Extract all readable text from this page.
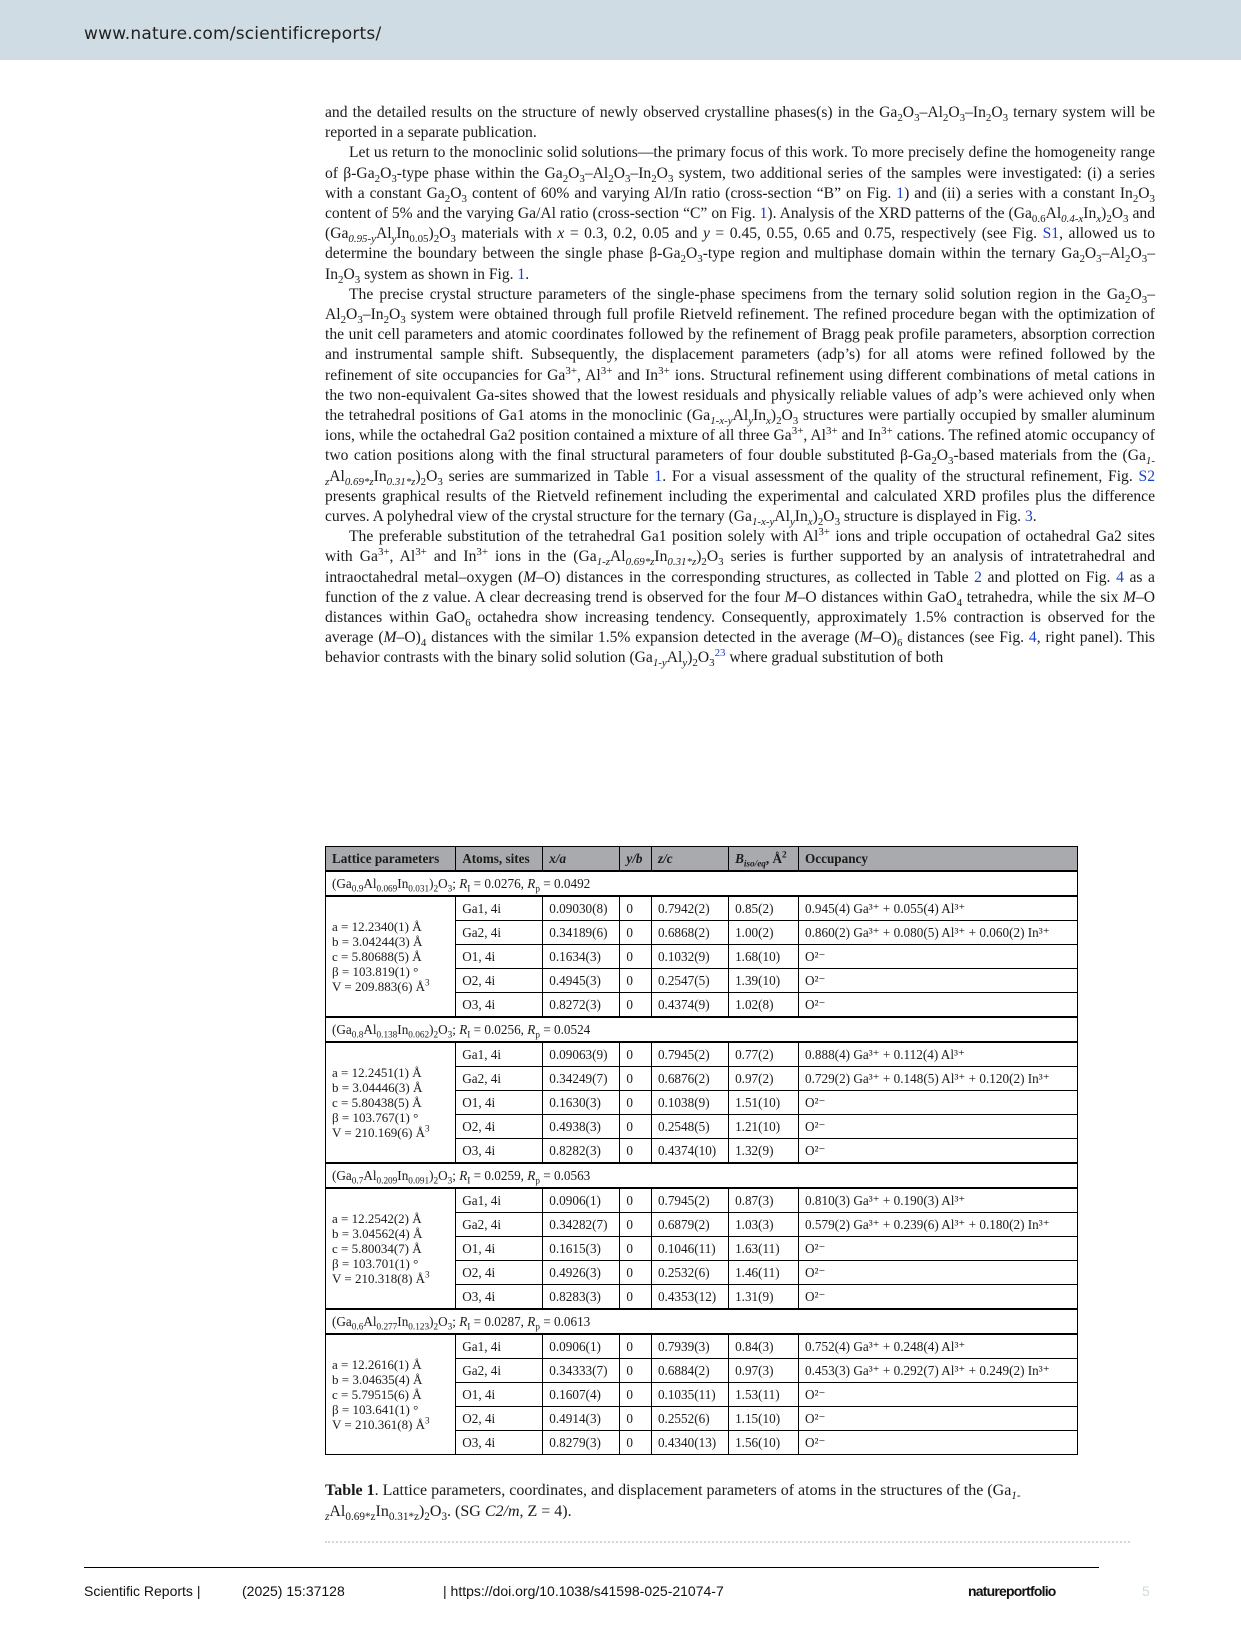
www.nature.com/scientificreports/

and the detailed results on the structure of newly observed crystalline phases(s) in the $Ga_2O_3-Al_2O_3-In_2O_3$ ternary system will be reported in a separate publication.

Let us return to the monoclinic solid solutions—the primary focus of this work. To more precisely define the homogeneity range of $\beta-Ga_2O_3$-type phase within the $Ga_2O_3-Al_2O_3-In_2O_3$ system, two additional series of the samples were investigated: (i) a series with a constant $Ga_2O_3$ content of 60% and varying Al/In ratio (cross-section “B” on Fig. 1) and (ii) a series with a constant $In_2O_3$ content of 5% and the varying Ga/Al ratio (cross-section “C” on Fig. 1). Analysis of the XRD patterns of the $(Ga_{0.6}Al_{0.4-x}In_x)_2O_3$ and $(Ga_{0.95-y}Al_yIn_{0.05})_2O_3$ materials with x = 0.3, 0.2, 0.05 and y = 0.45, 0.55, 0.65 and 0.75, respectively (see Fig. S1, allowed us to determine the boundary between the single phase $\beta-Ga_2O_3$-type region and multiphase domain within the ternary $Ga_2O_3-Al_2O_3-In_2O_3$ system as shown in Fig. 1.

The precise crystal structure parameters of the single-phase specimens from the ternary solid solution region in the $Ga_2O_3-Al_2O_3-In_2O_3$ system were obtained through full profile Rietveld refinement. The refined procedure began with the optimization of the unit cell parameters and atomic coordinates followed by the refinement of Bragg peak profile parameters, absorption correction and instrumental sample shift. Subsequently, the displacement parameters (adp’s) for all atoms were refined followed by the refinement of site occupancies for $Ga^{3+}$, $Al^{3+}$ and $In^{3+}$ ions. Structural refinement using different combinations of metal cations in the two non-equivalent Ga-sites showed that the lowest residuals and physically reliable values of adp’s were achieved only when the tetrahedral positions of Ga1 atoms in the monoclinic $(Ga_{1-x-y}Al_yIn_x)_2O_3$ structures were partially occupied by smaller aluminum ions, while the octahedral Ga2 position contained a mixture of all three $Ga^{3+}$, $Al^{3+}$ and $In^{3+}$ cations. The refined atomic occupancy of two cation positions along with the final structural parameters of four double substituted $\beta-Ga_2O_3$-based materials from the $(Ga_{1-z}Al_{0.69*z}In_{0.31*z})_2O_3$ series are summarized in Table 1. For a visual assessment of the quality of the structural refinement, Fig. S2 presents graphical results of the Rietveld refinement including the experimental and calculated XRD profiles plus the difference curves. A polyhedral view of the crystal structure for the ternary $(Ga_{1-x-y}Al_yIn_x)_2O_3$ structure is displayed in Fig. 3.

The preferable substitution of the tetrahedral Ga1 position solely with $Al^{3+}$ ions and triple occupation of octahedral Ga2 sites with $Ga^{3+}$, $Al^{3+}$ and $In^{3+}$ ions in the $(Ga_{1-z}Al_{0.69*z}In_{0.31*z})_2O_3$ series is further supported by an analysis of intratetrahedral and intraoctahedral metal–oxygen (M–O) distances in the corresponding structures, as collected in Table 2 and plotted on Fig. 4 as a function of the z value. A clear decreasing trend is observed for the four M–O distances within GaO$_4$ tetrahedra, while the six M–O distances within GaO$_6$ octahedra show increasing tendency. Consequently, approximately 1.5% contraction is observed for the average $(M-O)_4$ distances with the similar 1.5% expansion detected in the average $(M-O)_6$ distances (see Fig. 4, right panel). This behavior contrasts with the binary solid solution $(Ga_{1-y}Al_y)_2O_3^{23}$ where gradual substitution of both

Lattice parameters	Atoms, sites	x/a	y/b	z/c	$B_{iso/eq}$, $Å^2$	Occupancy
$(Ga_{0.9}Al_{0.069}In_{0.031})_2O_3$; $R_I = 0.0276$, $R_p = 0.0492$						
a = 12.2340(1) Å
b = 3.04244(3) Å
c = 5.80688(5) Å
β = 103.819(1) °
V = 209.883(6) $Å^3$	Ga1, 4i	0.09030(8)	0	0.7942(2)	0.85(2)	0.945(4) Ga³⁺ + 0.055(4) Al³⁺
	Ga2, 4i	0.34189(6)	0	0.6868(2)	1.00(2)	0.860(2) Ga³⁺ + 0.080(5) Al³⁺ + 0.060(2) In³⁺
	O1, 4i	0.1634(3)	0	0.1032(9)	1.68(10)	O²⁻
	O2, 4i	0.4945(3)	0	0.2547(5)	1.39(10)	O²⁻
	O3, 4i	0.8272(3)	0	0.4374(9)	1.02(8)	O²⁻
$(Ga_{0.8}Al_{0.138}In_{0.062})_2O_3$; $R_I = 0.0256$, $R_p = 0.0524$						
a = 12.2451(1) Å
b = 3.04446(3) Å
c = 5.80438(5) Å
β = 103.767(1) °
V = 210.169(6) $Å^3$	Ga1, 4i	0.09063(9)	0	0.7945(2)	0.77(2)	0.888(4) Ga³⁺ + 0.112(4) Al³⁺
	Ga2, 4i	0.34249(7)	0	0.6876(2)	0.97(2)	0.729(2) Ga³⁺ + 0.148(5) Al³⁺ + 0.120(2) In³⁺
	O1, 4i	0.1630(3)	0	0.1038(9)	1.51(10)	O²⁻
	O2, 4i	0.4938(3)	0	0.2548(5)	1.21(10)	O²⁻
	O3, 4i	0.8282(3)	0	0.4374(10)	1.32(9)	O²⁻
$(Ga_{0.7}Al_{0.209}In_{0.091})_2O_3$; $R_I = 0.0259$, $R_p = 0.0563$						
a = 12.2542(2) Å
b = 3.04562(4) Å
c = 5.80034(7) Å
β = 103.701(1) °
V = 210.318(8) $Å^3$	Ga1, 4i	0.0906(1)	0	0.7945(2)	0.87(3)	0.810(3) Ga³⁺ + 0.190(3) Al³⁺
	Ga2, 4i	0.34282(7)	0	0.6879(2)	1.03(3)	0.579(2) Ga³⁺ + 0.239(6) Al³⁺ + 0.180(2) In³⁺
	O1, 4i	0.1615(3)	0	0.1046(11)	1.63(11)	O²⁻
	O2, 4i	0.4926(3)	0	0.2532(6)	1.46(11)	O²⁻
	O3, 4i	0.8283(3)	0	0.4353(12)	1.31(9)	O²⁻
$(Ga_{0.6}Al_{0.277}In_{0.123})_2O_3$; $R_I = 0.0287$, $R_p = 0.0613$						
a = 12.2616(1) Å
b = 3.04635(4) Å
c = 5.79515(6) Å
β = 103.641(1) °
V = 210.361(8) $Å^3$	Ga1, 4i	0.0906(1)	0	0.7939(3)	0.84(3)	0.752(4) Ga³⁺ + 0.248(4) Al³⁺
	Ga2, 4i	0.34333(7)	0	0.6884(2)	0.97(3)	0.453(3) Ga³⁺ + 0.292(7) Al³⁺ + 0.249(2) In³⁺
	O1, 4i	0.1607(4)	0	0.1035(11)	1.53(11)	O²⁻
	O2, 4i	0.4914(3)	0	0.2552(6)	1.15(10)	O²⁻
	O3, 4i	0.8279(3)	0	0.4340(13)	1.56(10)	O²⁻
Table 1. Lattice parameters, coordinates, and displacement parameters of atoms in the structures of the $(Ga_{1-z}Al_{0.69*z}In_{0.31*z})_2O_3$. (SG C2/m, Z = 4).
Scientific Reports |	(2025) 15:37128	| https://doi.org/10.1038/s41598-025-21074-7	natureportfolio	5
